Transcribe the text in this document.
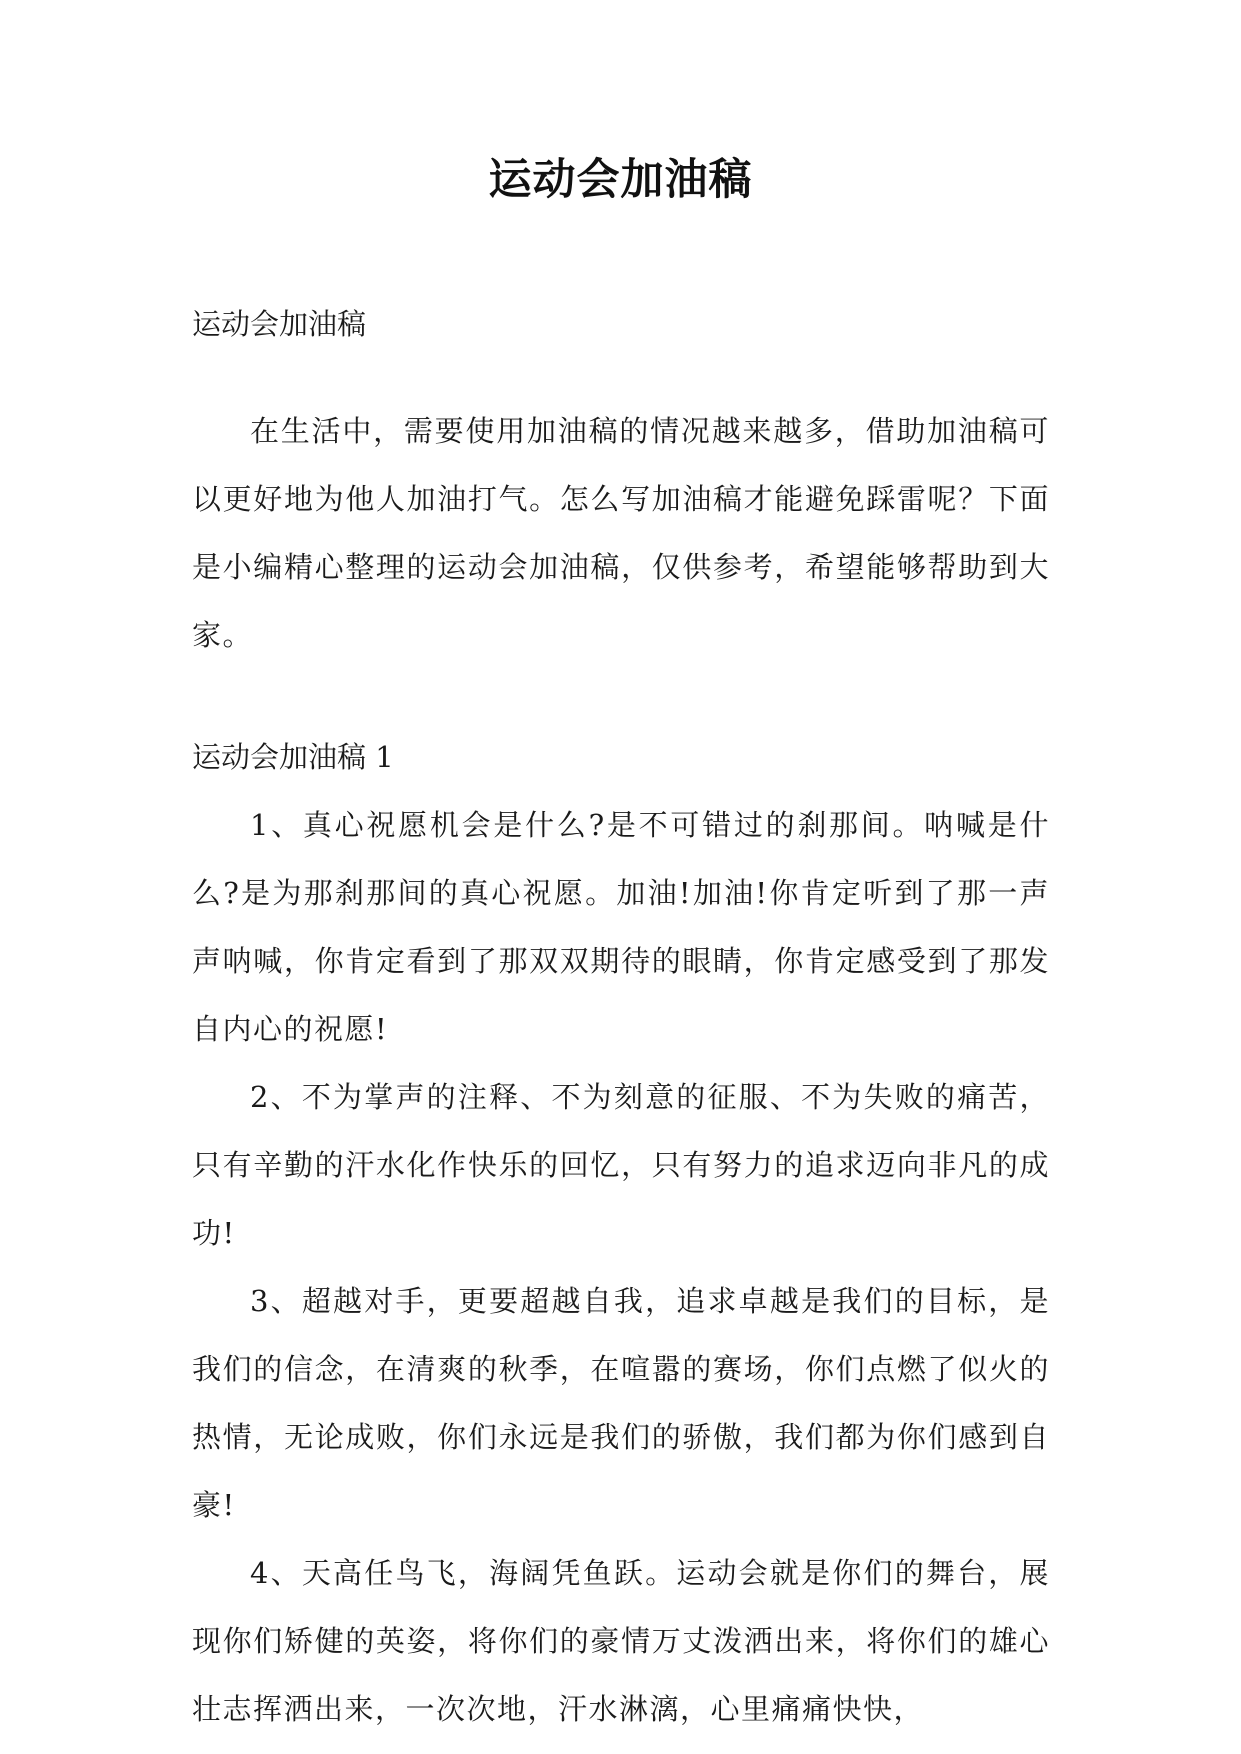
运动会加油稿

运动会加油稿

在生活中，需要使用加油稿的情况越来越多，借助加油稿可以更好地为他人加油打气。怎么写加油稿才能避免踩雷呢？下面是小编精心整理的运动会加油稿，仅供参考，希望能够帮助到大家。

运动会加油稿 1

1、真心祝愿机会是什么?是不可错过的刹那间。呐喊是什么?是为那刹那间的真心祝愿。加油!加油!你肯定听到了那一声声呐喊，你肯定看到了那双双期待的眼睛，你肯定感受到了那发自内心的祝愿!

2、不为掌声的注释、不为刻意的征服、不为失败的痛苦，只有辛勤的汗水化作快乐的回忆，只有努力的追求迈向非凡的成功!

3、超越对手，更要超越自我，追求卓越是我们的目标，是我们的信念，在清爽的秋季，在喧嚣的赛场，你们点燃了似火的热情，无论成败，你们永远是我们的骄傲，我们都为你们感到自豪!

4、天高任鸟飞，海阔凭鱼跃。运动会就是你们的舞台，展现你们矫健的英姿，将你们的豪情万丈泼洒出来，将你们的雄心壮志挥洒出来，一次次地，汗水淋漓，心里痛痛快快，
